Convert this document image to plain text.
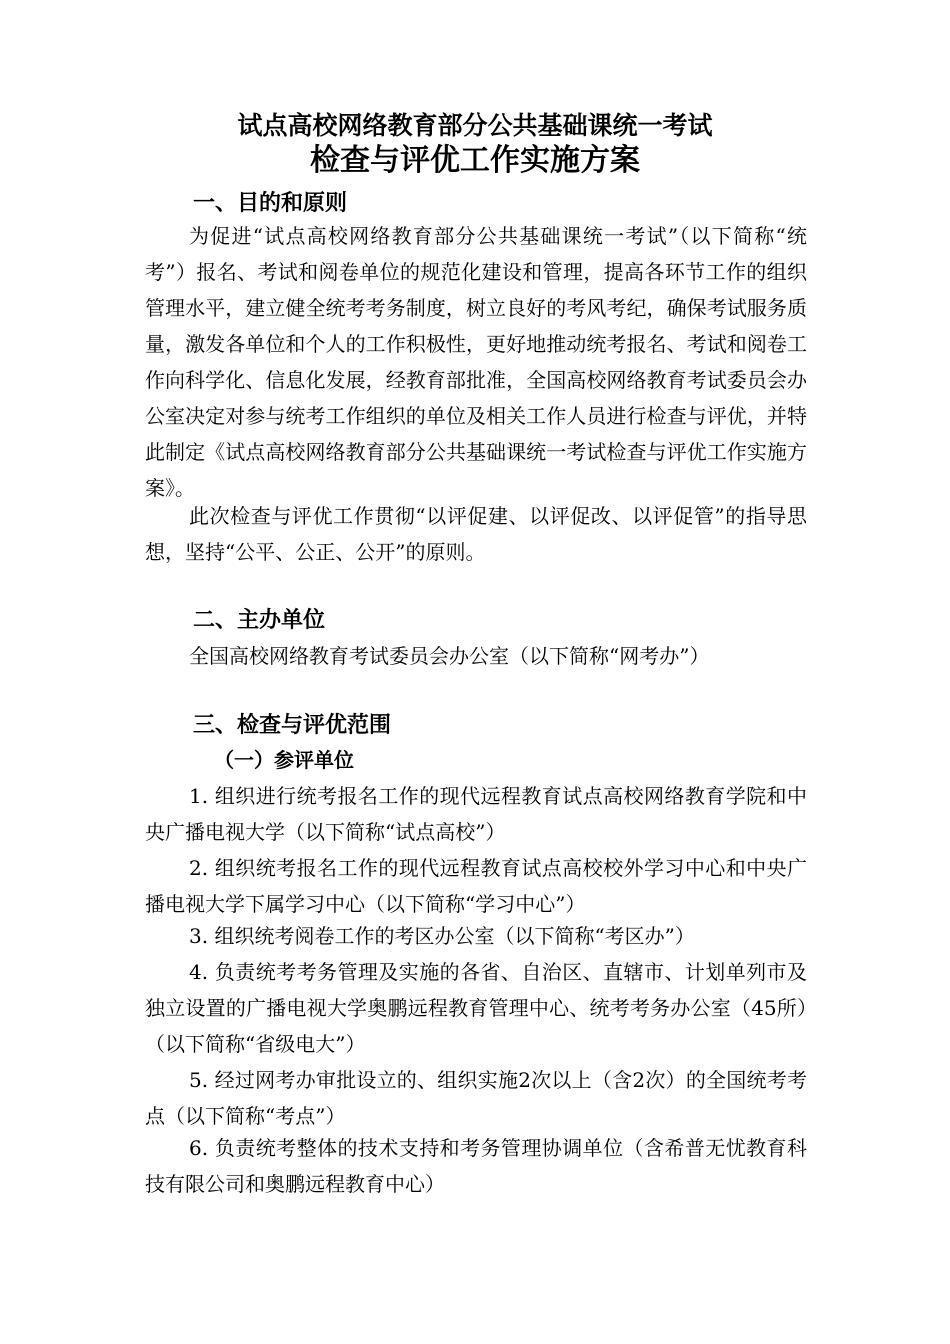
试点高校网络教育部分公共基础课统一考试
检查与评优工作实施方案
一、目的和原则

为促进“试点高校网络教育部分公共基础课统一考试”（以下简称“统考”）报名、考试和阅卷单位的规范化建设和管理，提高各环节工作的组织管理水平，建立健全统考考务制度，树立良好的考风考纪，确保考试服务质量，激发各单位和个人的工作积极性，更好地推动统考报名、考试和阅卷工作向科学化、信息化发展，经教育部批准，全国高校网络教育考试委员会办公室决定对参与统考工作组织的单位及相关工作人员进行检查与评优，并特此制定《试点高校网络教育部分公共基础课统一考试检查与评优工作实施方案》。

此次检查与评优工作贯彻“以评促建、以评促改、以评促管”的指导思想，坚持“公平、公正、公开”的原则。

二、主办单位
全国高校网络教育考试委员会办公室（以下简称“网考办”）
三、检查与评优范围
（一）参评单位

1. 组织进行统考报名工作的现代远程教育试点高校网络教育学院和中央广播电视大学（以下简称“试点高校”）

2. 组织统考报名工作的现代远程教育试点高校校外学习中心和中央广播电视大学下属学习中心（以下简称“学习中心”）

3. 组织统考阅卷工作的考区办公室（以下简称“考区办”）

4. 负责统考考务管理及实施的各省、自治区、直辖市、计划单列市及独立设置的广播电视大学奥鹏远程教育管理中心、统考考务办公室（45所）（以下简称“省级电大”）

5. 经过网考办审批设立的、组织实施2次以上（含2次）的全国统考考点（以下简称“考点”）

6. 负责统考整体的技术支持和考务管理协调单位（含希普无忧教育科技有限公司和奥鹏远程教育中心）
